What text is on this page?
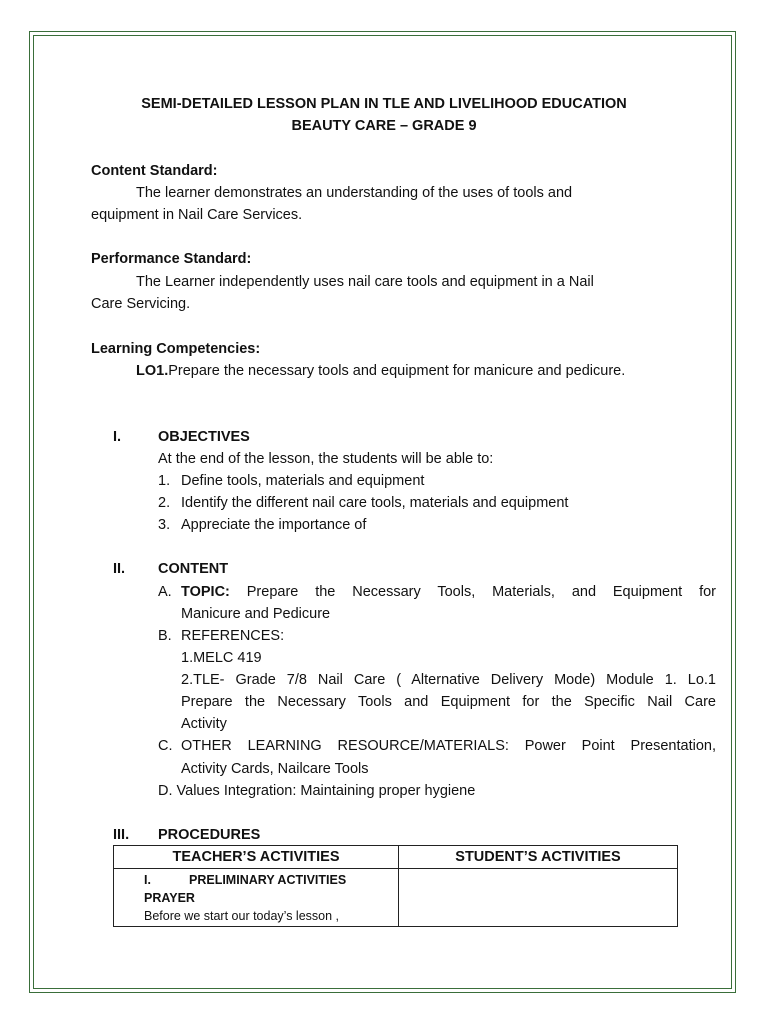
SEMI-DETAILED LESSON PLAN IN TLE AND LIVELIHOOD EDUCATION
BEAUTY CARE – GRADE 9
Content Standard:
The learner demonstrates an understanding of the uses of tools and
equipment in Nail Care Services.
Performance Standard:
The Learner independently uses nail care tools and equipment in a Nail
Care Servicing.
Learning Competencies:
LO1.Prepare the necessary tools and equipment for manicure and pedicure.
I.	OBJECTIVES
At the end of the lesson, the students will be able to:
1. Define tools, materials and equipment
2. Identify the different nail care tools, materials and equipment
3. Appreciate the importance of
II. CONTENT
A. TOPIC: Prepare the Necessary Tools, Materials, and Equipment for
Manicure and Pedicure
B. REFERENCES:
1.MELC 419
2.TLE- Grade 7/8 Nail Care ( Alternative Delivery Mode) Module 1. Lo.1
Prepare the Necessary Tools and Equipment for the Specific Nail Care
Activity
C. OTHER LEARNING RESOURCE/MATERIALS: Power Point Presentation,
Activity Cards, Nailcare Tools
D. Values Integration: Maintaining proper hygiene
III. PROCEDURES
TEACHER’S ACTIVITIES	STUDENT’S ACTIVITIES

I. PRELIMINARY ACTIVITIES
PRAYER
Before we start our today’s lesson ,	
